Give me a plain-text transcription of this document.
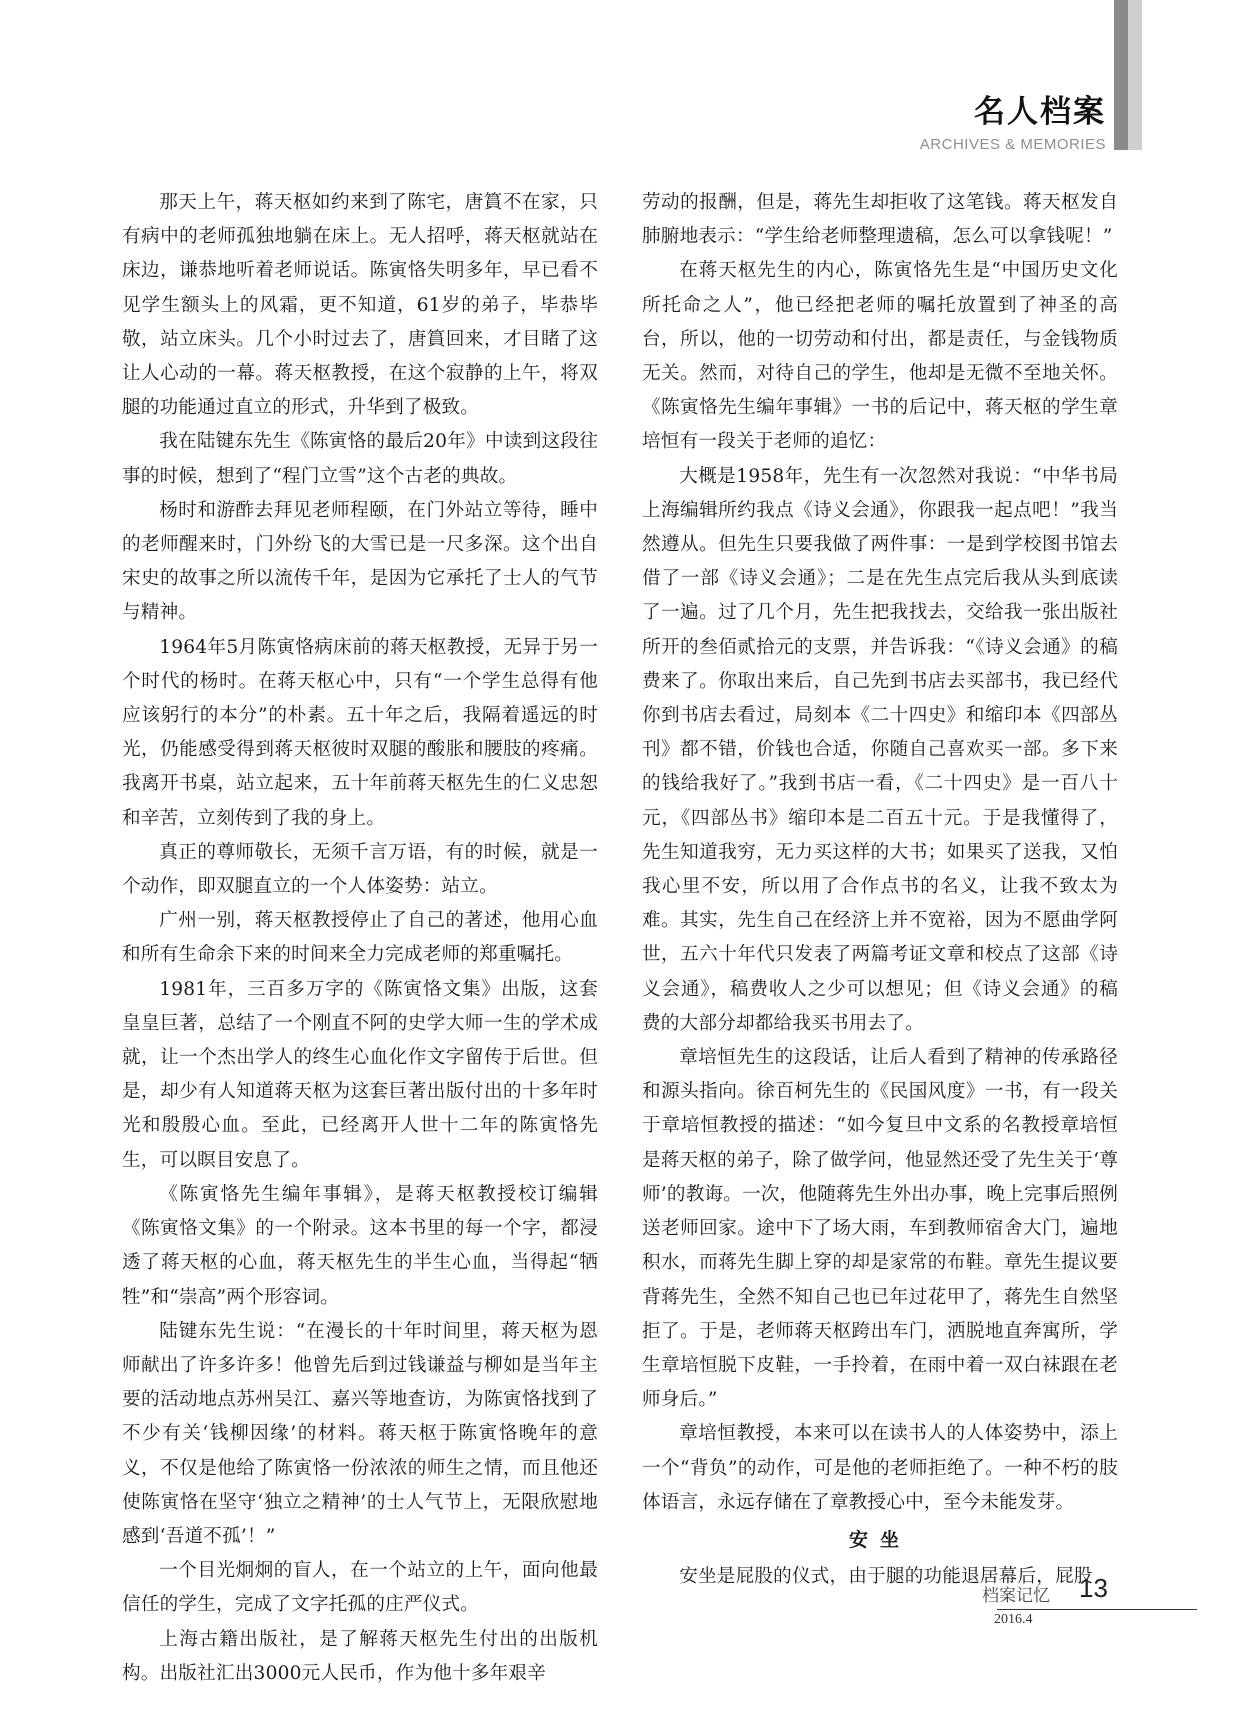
名人档案
ARCHIVES & MEMORIES

那天上午，蒋天枢如约来到了陈宅，唐篔不在家，只有病中的老师孤独地躺在床上。无人招呼，蒋天枢就站在床边，谦恭地听着老师说话。陈寅恪失明多年，早已看不见学生额头上的风霜，更不知道，61岁的弟子，毕恭毕敬，站立床头。几个小时过去了，唐篔回来，才目睹了这让人心动的一幕。蒋天枢教授，在这个寂静的上午，将双腿的功能通过直立的形式，升华到了极致。

我在陆键东先生《陈寅恪的最后20年》中读到这段往事的时候，想到了“程门立雪”这个古老的典故。

杨时和游酢去拜见老师程颐，在门外站立等待，睡中的老师醒来时，门外纷飞的大雪已是一尺多深。这个出自宋史的故事之所以流传千年，是因为它承托了士人的气节与精神。

1964年5月陈寅恪病床前的蒋天枢教授，无异于另一个时代的杨时。在蒋天枢心中，只有“一个学生总得有他应该躬行的本分”的朴素。五十年之后，我隔着遥远的时光，仍能感受得到蒋天枢彼时双腿的酸胀和腰肢的疼痛。我离开书桌，站立起来，五十年前蒋天枢先生的仁义忠恕和辛苦，立刻传到了我的身上。

真正的尊师敬长，无须千言万语，有的时候，就是一个动作，即双腿直立的一个人体姿势：站立。

广州一别，蒋天枢教授停止了自己的著述，他用心血和所有生命余下来的时间来全力完成老师的郑重嘱托。

1981年，三百多万字的《陈寅恪文集》出版，这套皇皇巨著，总结了一个刚直不阿的史学大师一生的学术成就，让一个杰出学人的终生心血化作文字留传于后世。但是，却少有人知道蒋天枢为这套巨著出版付出的十多年时光和殷殷心血。至此，已经离开人世十二年的陈寅恪先生，可以瞑目安息了。

《陈寅恪先生编年事辑》，是蒋天枢教授校订编辑《陈寅恪文集》的一个附录。这本书里的每一个字，都浸透了蒋天枢的心血，蒋天枢先生的半生心血，当得起“牺牲”和“崇高”两个形容词。

陆键东先生说：“在漫长的十年时间里，蒋天枢为恩师献出了许多许多！他曾先后到过钱谦益与柳如是当年主要的活动地点苏州吴江、嘉兴等地查访，为陈寅恪找到了不少有关‘钱柳因缘’的材料。蒋天枢于陈寅恪晚年的意义，不仅是他给了陈寅恪一份浓浓的师生之情，而且他还使陈寅恪在坚守‘独立之精神’的士人气节上，无限欣慰地感到‘吾道不孤’！”

一个目光炯炯的盲人，在一个站立的上午，面向他最信任的学生，完成了文字托孤的庄严仪式。

上海古籍出版社，是了解蒋天枢先生付出的出版机构。出版社汇出3000元人民币，作为他十多年艰辛

劳动的报酬，但是，蒋先生却拒收了这笔钱。蒋天枢发自肺腑地表示：“学生给老师整理遗稿，怎么可以拿钱呢！”

在蒋天枢先生的内心，陈寅恪先生是“中国历史文化所托命之人”，他已经把老师的嘱托放置到了神圣的高台，所以，他的一切劳动和付出，都是责任，与金钱物质无关。然而，对待自己的学生，他却是无微不至地关怀。《陈寅恪先生编年事辑》一书的后记中，蒋天枢的学生章培恒有一段关于老师的追忆：

大概是1958年，先生有一次忽然对我说：“中华书局上海编辑所约我点《诗义会通》，你跟我一起点吧！”我当然遵从。但先生只要我做了两件事：一是到学校图书馆去借了一部《诗义会通》；二是在先生点完后我从头到底读了一遍。过了几个月，先生把我找去，交给我一张出版社所开的叁佰贰拾元的支票，并告诉我：“《诗义会通》的稿费来了。你取出来后，自己先到书店去买部书，我已经代你到书店去看过，局刻本《二十四史》和缩印本《四部丛刊》都不错，价钱也合适，你随自己喜欢买一部。多下来的钱给我好了。”我到书店一看，《二十四史》是一百八十元，《四部丛书》缩印本是二百五十元。于是我懂得了，先生知道我穷，无力买这样的大书；如果买了送我，又怕我心里不安，所以用了合作点书的名义，让我不致太为难。其实，先生自己在经济上并不宽裕，因为不愿曲学阿世，五六十年代只发表了两篇考证文章和校点了这部《诗义会通》，稿费收人之少可以想见；但《诗义会通》的稿费的大部分却都给我买书用去了。

章培恒先生的这段话，让后人看到了精神的传承路径和源头指向。徐百柯先生的《民国风度》一书，有一段关于章培恒教授的描述：“如今复旦中文系的名教授章培恒是蒋天枢的弟子，除了做学问，他显然还受了先生关于‘尊师’的教诲。一次，他随蒋先生外出办事，晚上完事后照例送老师回家。途中下了场大雨，车到教师宿舍大门，遍地积水，而蒋先生脚上穿的却是家常的布鞋。章先生提议要背蒋先生，全然不知自己也已年过花甲了，蒋先生自然坚拒了。于是，老师蒋天枢跨出车门，洒脱地直奔寓所，学生章培恒脱下皮鞋，一手拎着，在雨中着一双白袜跟在老师身后。”

章培恒教授，本来可以在读书人的人体姿势中，添上一个“背负”的动作，可是他的老师拒绝了。一种不朽的肢体语言，永远存储在了章教授心中，至今未能发芽。

安坐

安坐是屁股的仪式，由于腿的功能退居幕后，屁股

档案记忆 13
2016.4
